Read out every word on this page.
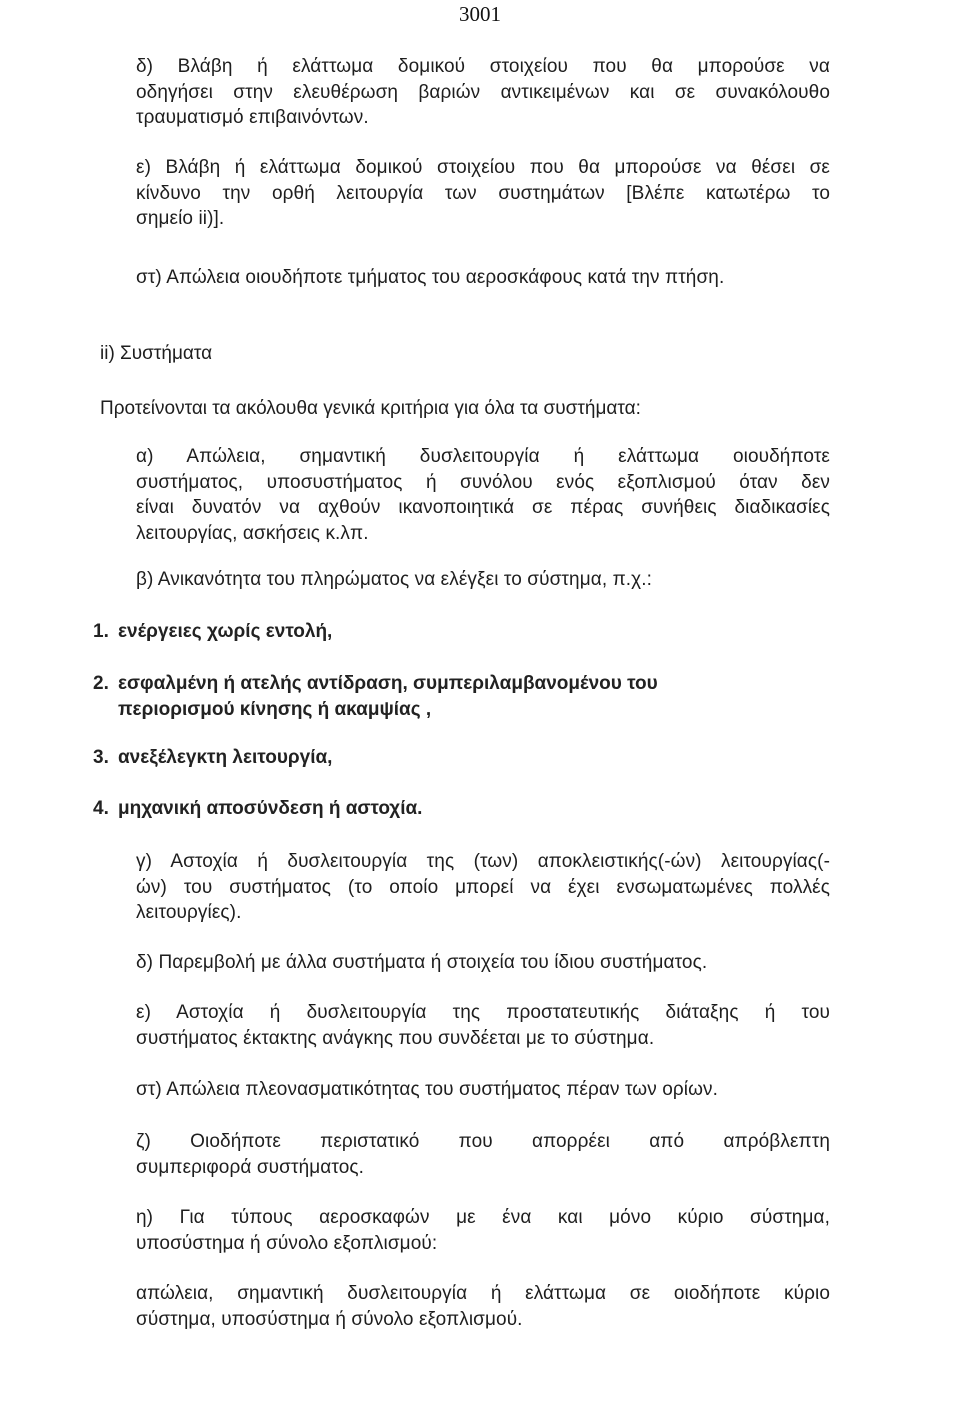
3001
δ) Βλάβη ή ελάττωμα δομικού στοιχείου που θα μπορούσε να
οδηγήσει στην ελευθέρωση βαριών αντικειμένων και σε συνακόλουθο
τραυματισμό επιβαινόντων.
ε) Βλάβη ή ελάττωμα δομικού στοιχείου που θα μπορούσε να θέσει σε
κίνδυνο την ορθή λειτουργία των συστημάτων [Βλέπε κατωτέρω το
σημείο ii)].
στ) Απώλεια οιουδήποτε τμήματος του αεροσκάφους κατά την πτήση.
ii) Συστήματα
Προτείνονται τα ακόλουθα γενικά κριτήρια για όλα τα συστήματα:
α) Απώλεια, σημαντική δυσλειτουργία ή ελάττωμα οιουδήποτε
συστήματος, υποσυστήματος ή συνόλου ενός εξοπλισμού όταν δεν
είναι δυνατόν να αχθούν ικανοποιητικά σε πέρας συνήθεις διαδικασίες
λειτουργίας, ασκήσεις κ.λπ.
β) Ανικανότητα του πληρώματος να ελέγξει το σύστημα, π.χ.:
1. ενέργειες χωρίς εντολή,
2. εσφαλμένη ή ατελής αντίδραση, συμπεριλαμβανομένου του
περιορισμού κίνησης ή ακαμψίας ,
3. ανεξέλεγκτη λειτουργία,
4. μηχανική αποσύνδεση ή αστοχία.
γ) Αστοχία ή δυσλειτουργία της (των) αποκλειστικής(-ών) λειτουργίας(-
ών) του συστήματος (το οποίο μπορεί να έχει ενσωματωμένες πολλές
λειτουργίες).
δ) Παρεμβολή με άλλα συστήματα ή στοιχεία του ίδιου συστήματος.
ε) Αστοχία ή δυσλειτουργία της προστατευτικής διάταξης ή του
συστήματος έκτακτης ανάγκης που συνδέεται με το σύστημα.
στ) Απώλεια πλεονασματικότητας του συστήματος πέραν των ορίων.
ζ) Οιοδήποτε περιστατικό που απορρέει από απρόβλεπτη
συμπεριφορά συστήματος.
η) Για τύπους αεροσκαφών με ένα και μόνο κύριο σύστημα,
υποσύστημα ή σύνολο εξοπλισμού:
απώλεια, σημαντική δυσλειτουργία ή ελάττωμα σε οιοδήποτε κύριο
σύστημα, υποσύστημα ή σύνολο εξοπλισμού.
